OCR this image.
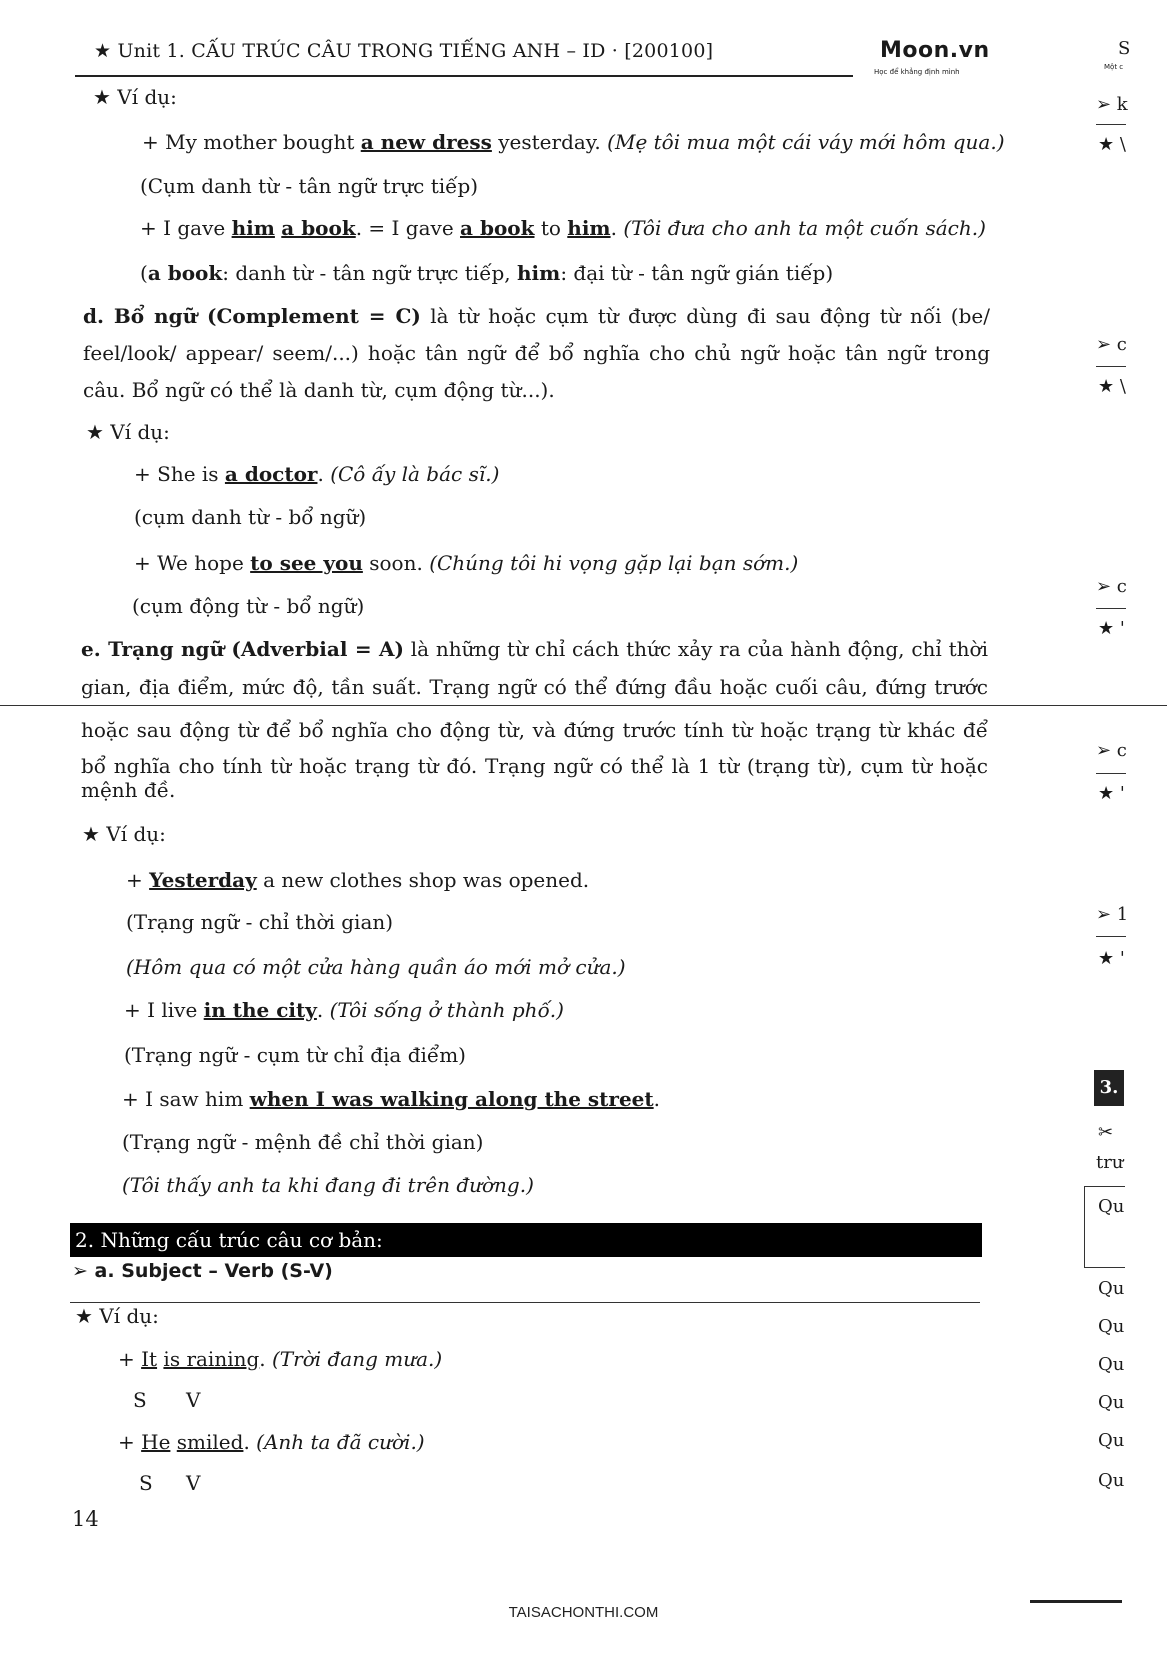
★ Unit 1. CẤU TRÚC CÂU TRONG TIẾNG ANH – ID · [200100]	Moon.vn
Học để khẳng định mình
★ Ví dụ:
+ My mother bought a new dress yesterday. (Mẹ tôi mua một cái váy mới hôm qua.)
(Cụm danh từ - tân ngữ trực tiếp)
+ I gave him a book. = I gave a book to him. (Tôi đưa cho anh ta một cuốn sách.)
(a book: danh từ - tân ngữ trực tiếp, him: đại từ - tân ngữ gián tiếp)
d. Bổ ngữ (Complement = C) là từ hoặc cụm từ được dùng đi sau động từ nối (be/
feel/look/ appear/ seem/...) hoặc tân ngữ để bổ nghĩa cho chủ ngữ hoặc tân ngữ trong
câu. Bổ ngữ có thể là danh từ, cụm động từ...).
★ Ví dụ:
+ She is a doctor. (Cô ấy là bác sĩ.)
(cụm danh từ - bổ ngữ)
+ We hope to see you soon. (Chúng tôi hi vọng gặp lại bạn sớm.)
(cụm động từ - bổ ngữ)
e. Trạng ngữ (Adverbial = A) là những từ chỉ cách thức xảy ra của hành động, chỉ thời
gian, địa điểm, mức độ, tần suất. Trạng ngữ có thể đứng đầu hoặc cuối câu, đứng trước
hoặc sau động từ để bổ nghĩa cho động từ, và đứng trước tính từ hoặc trạng từ khác để
bổ nghĩa cho tính từ hoặc trạng từ đó. Trạng ngữ có thể là 1 từ (trạng từ), cụm từ hoặc
mệnh đề.
★ Ví dụ:
+ Yesterday a new clothes shop was opened.
(Trạng ngữ - chỉ thời gian)
(Hôm qua có một cửa hàng quần áo mới mở cửa.)
+ I live in the city. (Tôi sống ở thành phố.)
(Trạng ngữ - cụm từ chỉ địa điểm)
+ I saw him when I was walking along the street.
(Trạng ngữ - mệnh đề chỉ thời gian)
(Tôi thấy anh ta khi đang đi trên đường.)
2. Những cấu trúc câu cơ bản:
➢ a. Subject – Verb (S-V)
★ Ví dụ:
+ It is raining. (Trời đang mưa.)
S V
+ He smiled. (Anh ta đã cười.)
S V
14
TAISACHONTHI.COM
S
Một c
➢ k
★ \
➢ c
★ \
➢ c
★ '
➢ c
★ '
➢ 1
★ '
3.
✂
trư
Qu
Qu
Qu
Qu
Qu
Qu
Qu
